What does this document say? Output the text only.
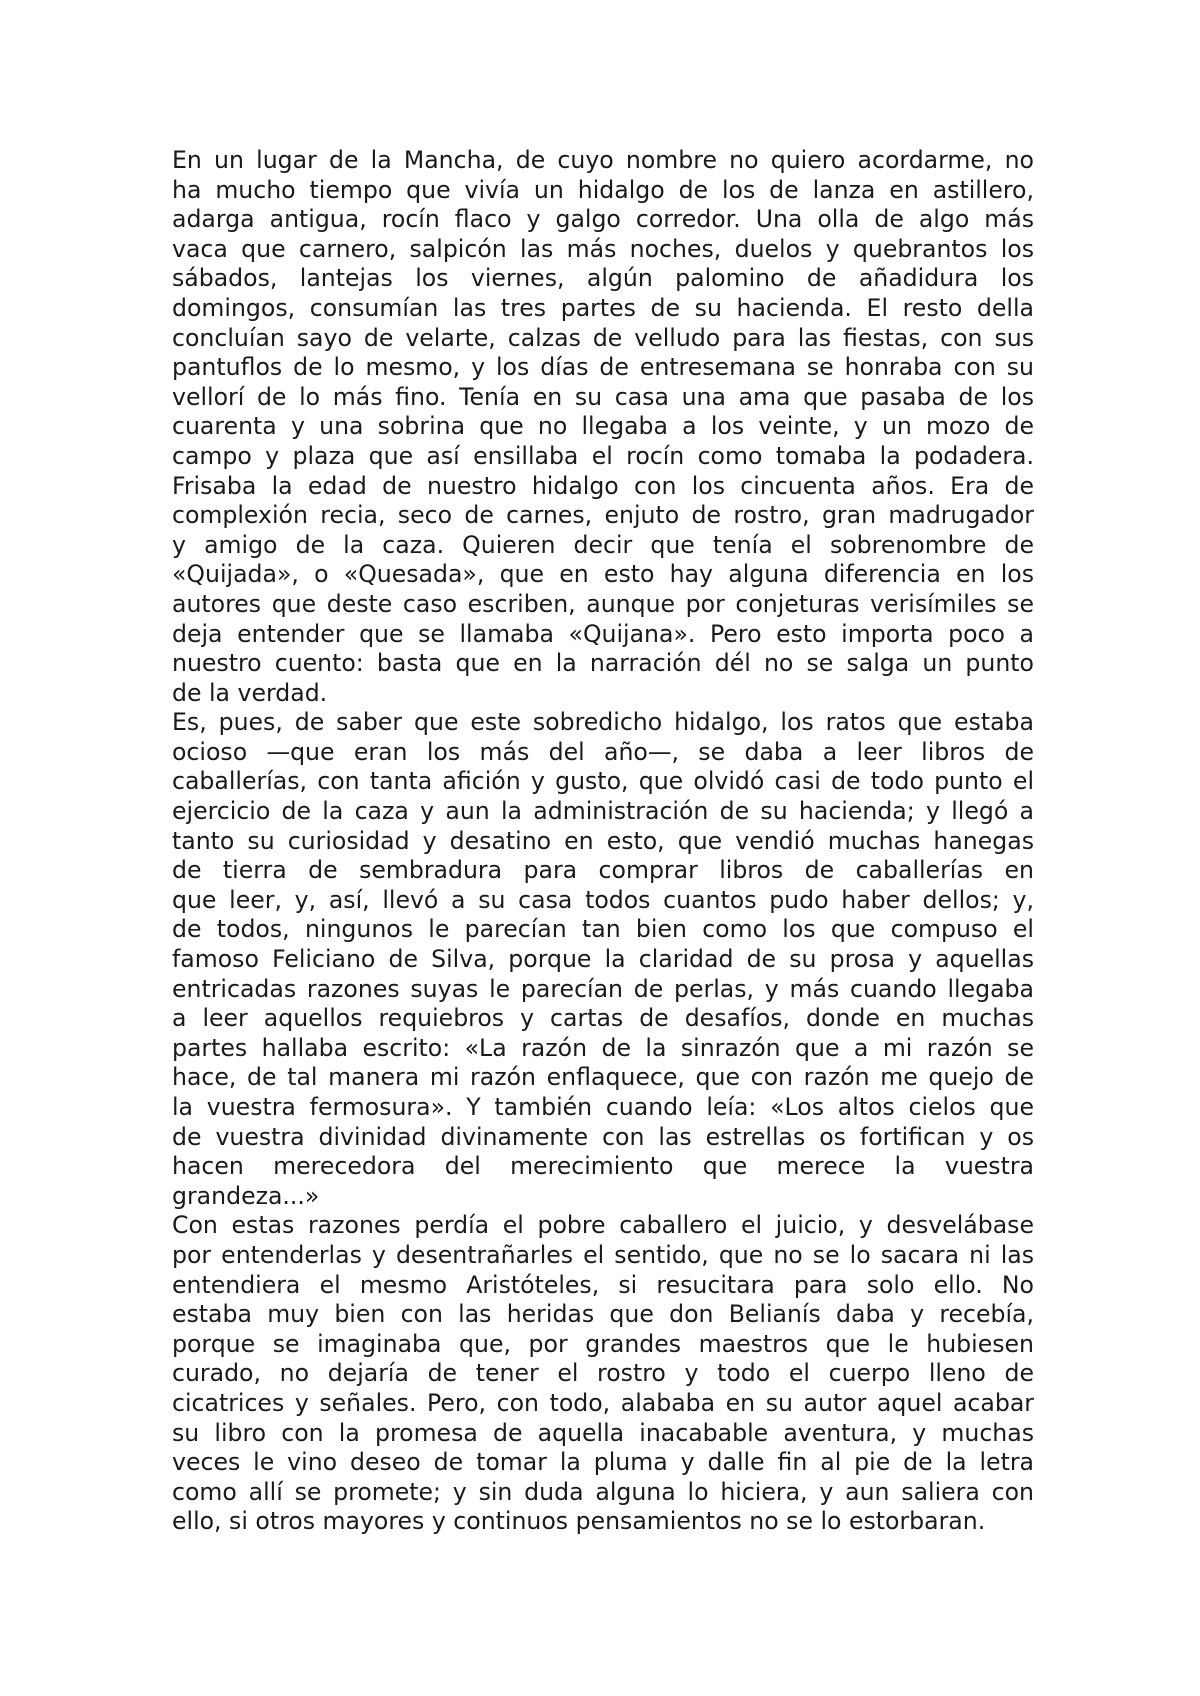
En un lugar de la Mancha, de cuyo nombre no quiero acordarme, no
ha mucho tiempo que vivía un hidalgo de los de lanza en astillero,
adarga antigua, rocín flaco y galgo corredor. Una olla de algo más
vaca que carnero, salpicón las más noches, duelos y quebrantos los
sábados, lantejas los viernes, algún palomino de añadidura los
domingos, consumían las tres partes de su hacienda. El resto della
concluían sayo de velarte, calzas de velludo para las fiestas, con sus
pantuflos de lo mesmo, y los días de entresemana se honraba con su
vellorí de lo más fino. Tenía en su casa una ama que pasaba de los
cuarenta y una sobrina que no llegaba a los veinte, y un mozo de
campo y plaza que así ensillaba el rocín como tomaba la podadera.
Frisaba la edad de nuestro hidalgo con los cincuenta años. Era de
complexión recia, seco de carnes, enjuto de rostro, gran madrugador
y amigo de la caza. Quieren decir que tenía el sobrenombre de
«Quijada», o «Quesada», que en esto hay alguna diferencia en los
autores que deste caso escriben, aunque por conjeturas verisímiles se
deja entender que se llamaba «Quijana». Pero esto importa poco a
nuestro cuento: basta que en la narración dél no se salga un punto
de la verdad.
Es, pues, de saber que este sobredicho hidalgo, los ratos que estaba
ocioso —que eran los más del año—, se daba a leer libros de
caballerías, con tanta afición y gusto, que olvidó casi de todo punto el
ejercicio de la caza y aun la administración de su hacienda; y llegó a
tanto su curiosidad y desatino en esto, que vendió muchas hanegas
de tierra de sembradura para comprar libros de caballerías en
que leer, y, así, llevó a su casa todos cuantos pudo haber dellos; y,
de todos, ningunos le parecían tan bien como los que compuso el
famoso Feliciano de Silva, porque la claridad de su prosa y aquellas
entricadas razones suyas le parecían de perlas, y más cuando llegaba
a leer aquellos requiebros y cartas de desafíos, donde en muchas
partes hallaba escrito: «La razón de la sinrazón que a mi razón se
hace, de tal manera mi razón enflaquece, que con razón me quejo de
la vuestra fermosura». Y también cuando leía: «Los altos cielos que
de vuestra divinidad divinamente con las estrellas os fortifican y os
hacen merecedora del merecimiento que merece la vuestra
grandeza...»
Con estas razones perdía el pobre caballero el juicio, y desvelábase
por entenderlas y desentrañarles el sentido, que no se lo sacara ni las
entendiera el mesmo Aristóteles, si resucitara para solo ello. No
estaba muy bien con las heridas que don Belianís daba y recebía,
porque se imaginaba que, por grandes maestros que le hubiesen
curado, no dejaría de tener el rostro y todo el cuerpo lleno de
cicatrices y señales. Pero, con todo, alababa en su autor aquel acabar
su libro con la promesa de aquella inacabable aventura, y muchas
veces le vino deseo de tomar la pluma y dalle fin al pie de la letra
como allí se promete; y sin duda alguna lo hiciera, y aun saliera con
ello, si otros mayores y continuos pensamientos no se lo estorbaran.
